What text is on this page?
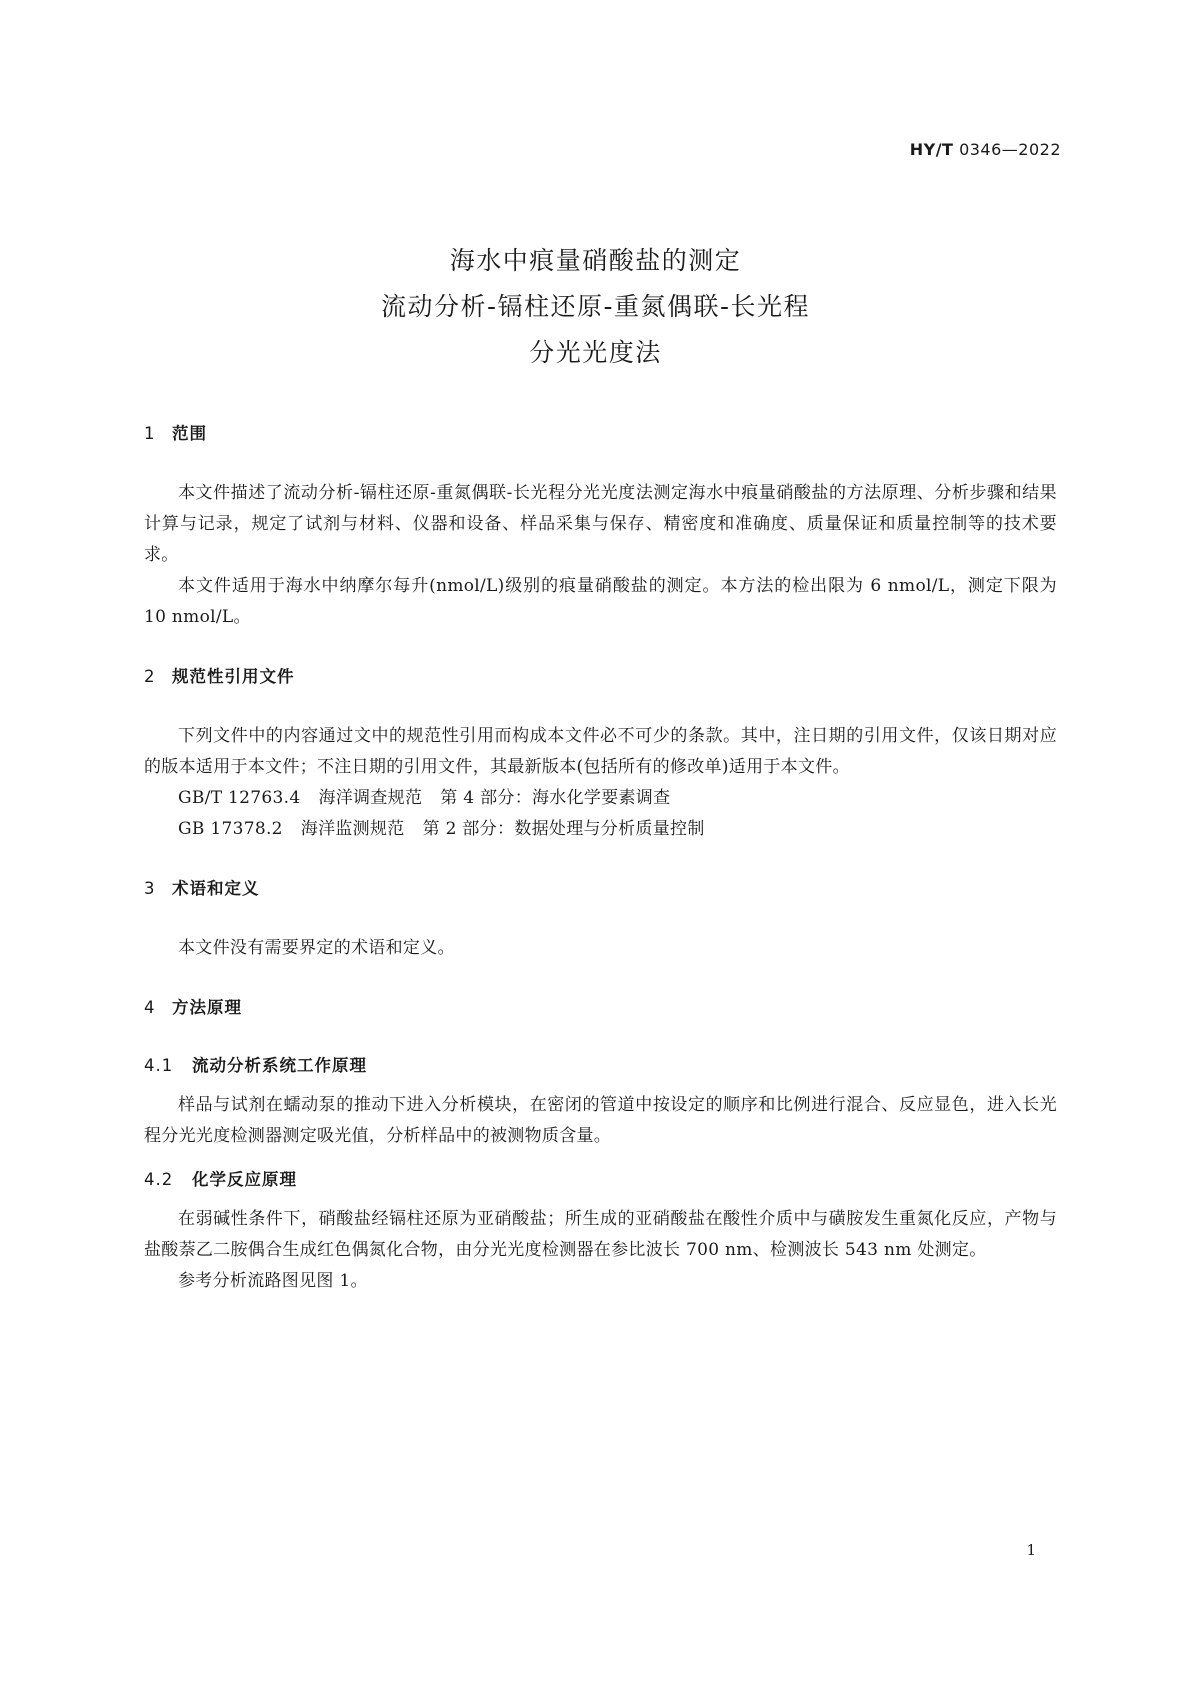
HY/T 0346—2022
海水中痕量硝酸盐的测定
流动分析-镉柱还原-重氮偶联-长光程
分光光度法
1 范围

本文件描述了流动分析-镉柱还原-重氮偶联-长光程分光光度法测定海水中痕量硝酸盐的方法原理、分析步骤和结果计算与记录，规定了试剂与材料、仪器和设备、样品采集与保存、精密度和准确度、质量保证和质量控制等的技术要求。

本文件适用于海水中纳摩尔每升(nmol/L)级别的痕量硝酸盐的测定。本方法的检出限为 6 nmol/L，测定下限为 10 nmol/L。

2 规范性引用文件

下列文件中的内容通过文中的规范性引用而构成本文件必不可少的条款。其中，注日期的引用文件，仅该日期对应的版本适用于本文件；不注日期的引用文件，其最新版本(包括所有的修改单)适用于本文件。

GB/T 12763.4 海洋调查规范 第 4 部分：海水化学要素调查

GB 17378.2 海洋监测规范 第 2 部分：数据处理与分析质量控制

3 术语和定义

本文件没有需要界定的术语和定义。

4 方法原理
4.1 流动分析系统工作原理

样品与试剂在蠕动泵的推动下进入分析模块，在密闭的管道中按设定的顺序和比例进行混合、反应显色，进入长光程分光光度检测器测定吸光值，分析样品中的被测物质含量。

4.2 化学反应原理

在弱碱性条件下，硝酸盐经镉柱还原为亚硝酸盐；所生成的亚硝酸盐在酸性介质中与磺胺发生重氮化反应，产物与盐酸萘乙二胺偶合生成红色偶氮化合物，由分光光度检测器在参比波长 700 nm、检测波长 543 nm 处测定。

参考分析流路图见图 1。

1
